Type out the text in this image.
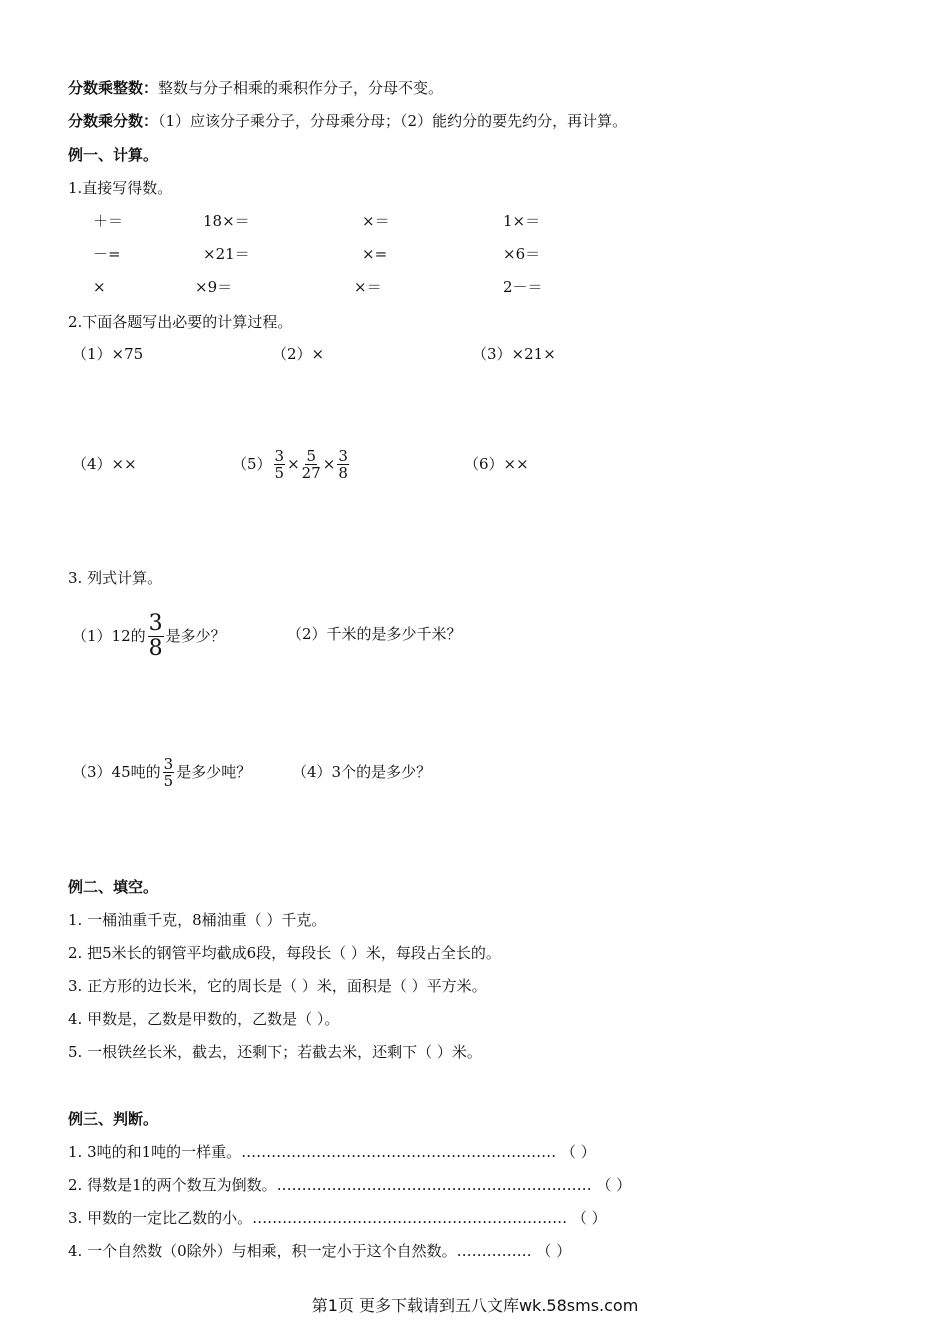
分数乘整数：整数与分子相乘的乘积作分子，分母不变。
分数乘分数：（1）应该分子乘分子，分母乘分母；（2）能约分的要先约分，再计算。
例一、计算。
1.直接写得数。
＋＝	18×＝	×＝	1×＝
－=	×21＝	×=	×6＝
×	×9＝	×＝	2－＝
2.下面各题写出必要的计算过程。
（1）×75	（2）×	（3）×21×
（4）××	$(5) \frac{3}{5} \times \frac{5}{27} \times \frac{3}{8}$	（6）××
3. 列式计算。
（1）12的 $\frac{3}{8}$ 是多少？	（2）千米的是多少千米？
（3）45吨的 $\frac{3}{5}$ 是多少吨？	（4）3个的是多少？
例二、填空。
1. 一桶油重千克，8桶油重（ ）千克。
2. 把5米长的钢管平均截成6段，每段长（ ）米，每段占全长的。
3. 正方形的边长米，它的周长是（ ）米，面积是（ ）平方米。
4. 甲数是，乙数是甲数的，乙数是（ ）。
5. 一根铁丝长米，截去，还剩下；若截去米，还剩下（ ）米。
例三、判断。
1. 3吨的和1吨的一样重。……………………………………………………… （ ）
2. 得数是1的两个数互为倒数。……………………………………………………… （ ）
3. 甲数的一定比乙数的小。……………………………………………………… （ ）
4. 一个自然数（0除外）与相乘，积一定小于这个自然数。…………… （ ）
第1页 更多下载请到五八文库wk.58sms.com
